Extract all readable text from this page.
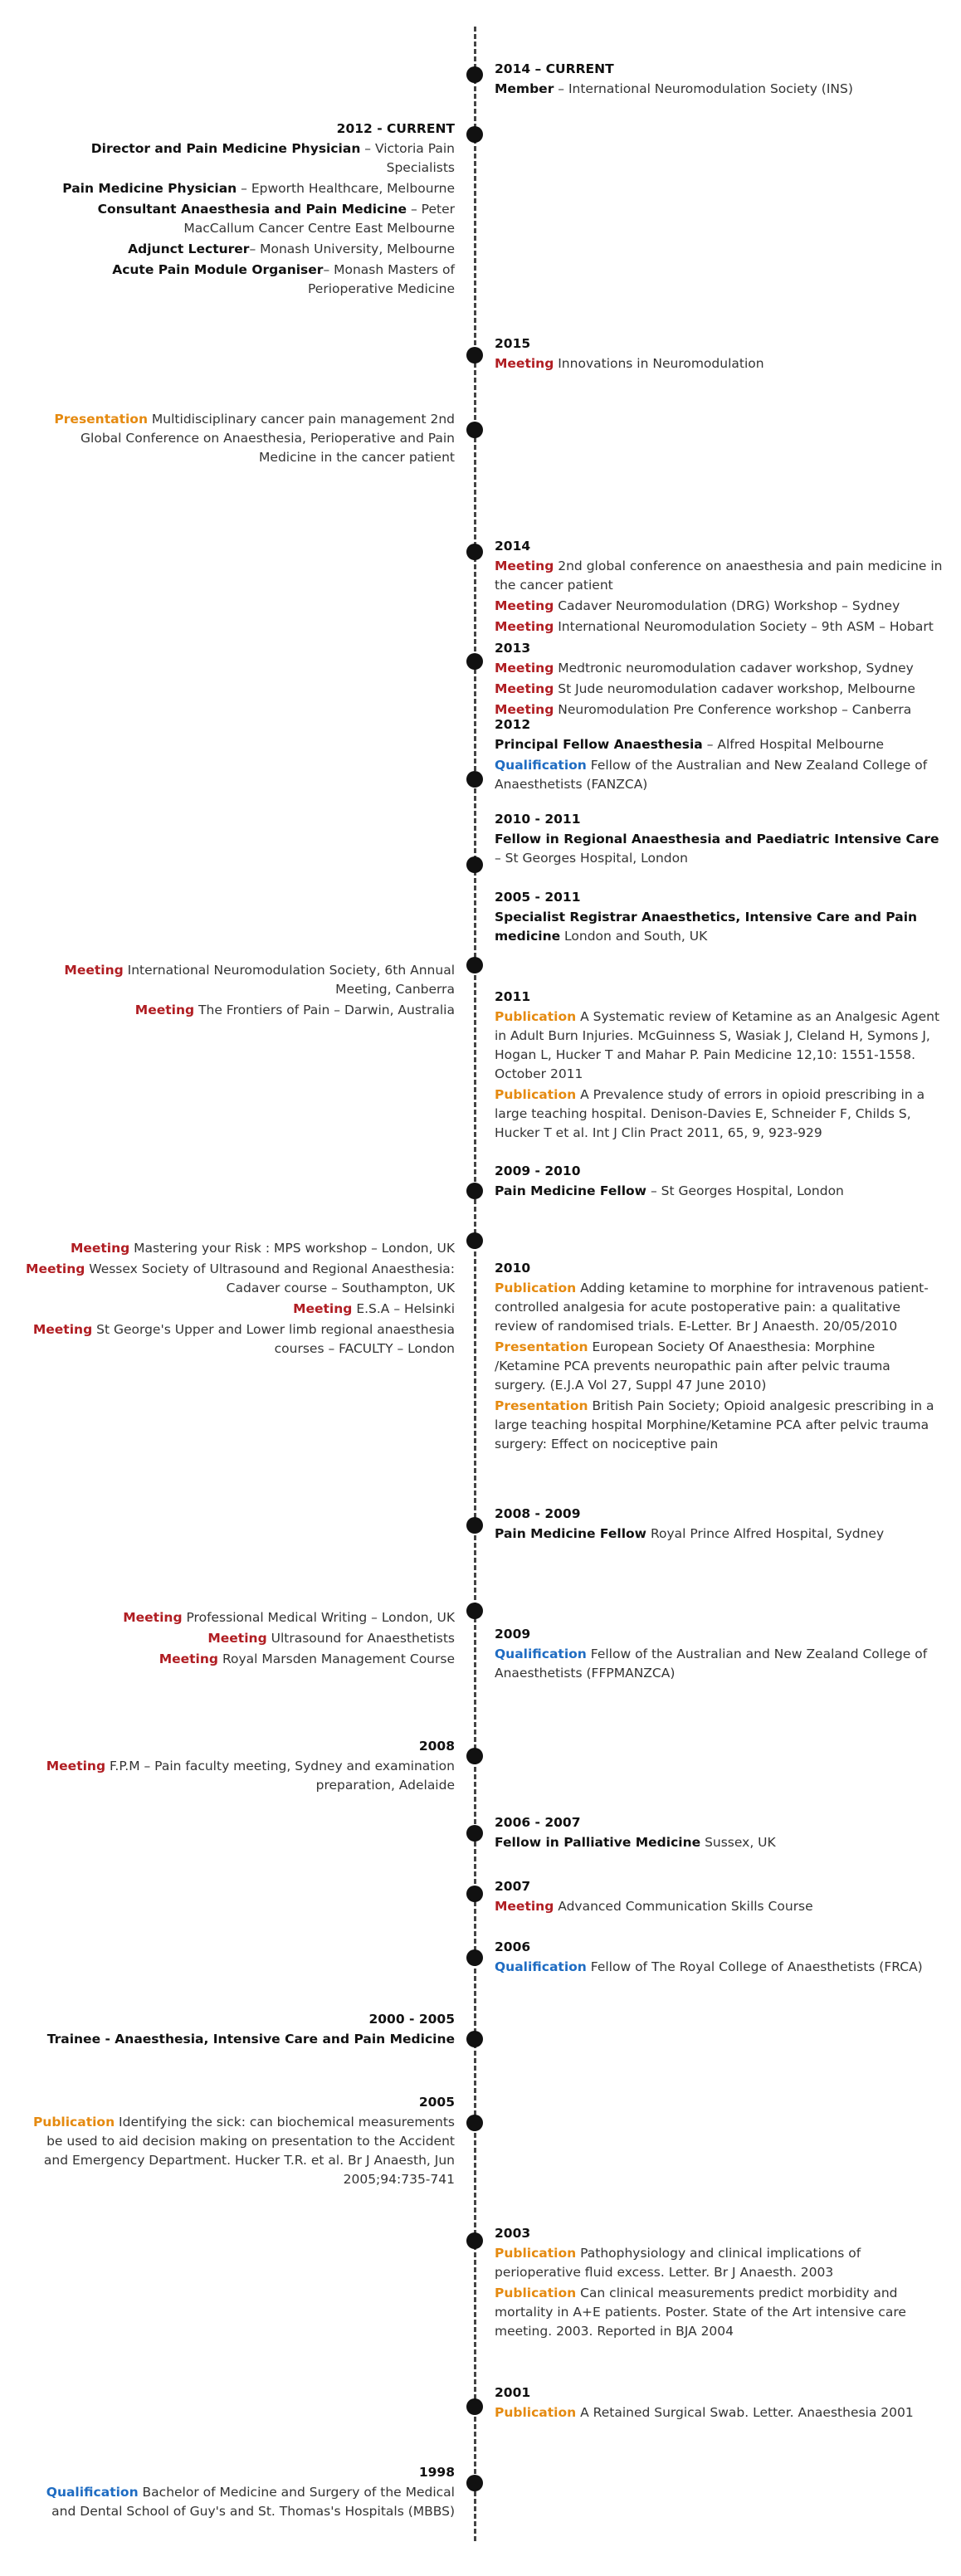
2014 – CURRENT
Member – International Neuromodulation Society (INS)
2012 - CURRENT
Director and Pain Medicine Physician – Victoria Pain Specialists
Pain Medicine Physician – Epworth Healthcare, Melbourne
Consultant Anaesthesia and Pain Medicine – Peter MacCallum Cancer Centre East Melbourne
Adjunct Lecturer– Monash University, Melbourne
Acute Pain Module Organiser– Monash Masters of Perioperative Medicine
2015
Meeting Innovations in Neuromodulation
Presentation Multidisciplinary cancer pain management 2nd Global Conference on Anaesthesia, Perioperative and Pain Medicine in the cancer patient
2014
Meeting 2nd global conference on anaesthesia and pain medicine in the cancer patient
Meeting Cadaver Neuromodulation (DRG) Workshop – Sydney
Meeting International Neuromodulation Society – 9th ASM – Hobart
2013
Meeting Medtronic neuromodulation cadaver workshop, Sydney
Meeting St Jude neuromodulation cadaver workshop, Melbourne
Meeting Neuromodulation Pre Conference workshop – Canberra
2012
Principal Fellow Anaesthesia – Alfred Hospital Melbourne
Qualification Fellow of the Australian and New Zealand College of Anaesthetists (FANZCA)
2010 - 2011
Fellow in Regional Anaesthesia and Paediatric Intensive Care – St Georges Hospital, London
2005 - 2011
Specialist Registrar Anaesthetics, Intensive Care and Pain medicine London and South, UK
Meeting International Neuromodulation Society, 6th Annual Meeting, Canberra
Meeting The Frontiers of Pain – Darwin, Australia
2011
Publication A Systematic review of Ketamine as an Analgesic Agent in Adult Burn Injuries. McGuinness S, Wasiak J, Cleland H, Symons J, Hogan L, Hucker T and Mahar P. Pain Medicine 12,10: 1551-1558. October 2011
Publication A Prevalence study of errors in opioid prescribing in a large teaching hospital. Denison-Davies E, Schneider F, Childs S, Hucker T et al. Int J Clin Pract 2011, 65, 9, 923-929
2009 - 2010
Pain Medicine Fellow – St Georges Hospital, London
Meeting Mastering your Risk : MPS workshop – London, UK
Meeting Wessex Society of Ultrasound and Regional Anaesthesia: Cadaver course – Southampton, UK
Meeting E.S.A – Helsinki
Meeting St George's Upper and Lower limb regional anaesthesia courses – FACULTY – London
2010
Publication Adding ketamine to morphine for intravenous patient-controlled analgesia for acute postoperative pain: a qualitative review of randomised trials. E-Letter. Br J Anaesth. 20/05/2010
Presentation European Society Of Anaesthesia: Morphine /Ketamine PCA prevents neuropathic pain after pelvic trauma surgery. (E.J.A Vol 27, Suppl 47 June 2010)
Presentation British Pain Society; Opioid analgesic prescribing in a large teaching hospital Morphine/Ketamine PCA after pelvic trauma surgery: Effect on nociceptive pain
2008 - 2009
Pain Medicine Fellow Royal Prince Alfred Hospital, Sydney
Meeting Professional Medical Writing – London, UK
Meeting Ultrasound for Anaesthetists
Meeting Royal Marsden Management Course
2009
Qualification Fellow of the Australian and New Zealand College of Anaesthetists (FFPMANZCA)
2008
Meeting F.P.M – Pain faculty meeting, Sydney and examination preparation, Adelaide
2006 - 2007
Fellow in Palliative Medicine Sussex, UK
2007
Meeting Advanced Communication Skills Course
2006
Qualification Fellow of The Royal College of Anaesthetists (FRCA)
2000 - 2005
Trainee - Anaesthesia, Intensive Care and Pain Medicine
2005
Publication Identifying the sick: can biochemical measurements be used to aid decision making on presentation to the Accident and Emergency Department. Hucker T.R. et al. Br J Anaesth, Jun 2005;94:735-741
2003
Publication Pathophysiology and clinical implications of perioperative fluid excess. Letter. Br J Anaesth. 2003
Publication Can clinical measurements predict morbidity and mortality in A+E patients. Poster. State of the Art intensive care meeting. 2003. Reported in BJA 2004
2001
Publication A Retained Surgical Swab. Letter. Anaesthesia 2001
1998
Qualification Bachelor of Medicine and Surgery of the Medical and Dental School of Guy's and St. Thomas's Hospitals (MBBS)
